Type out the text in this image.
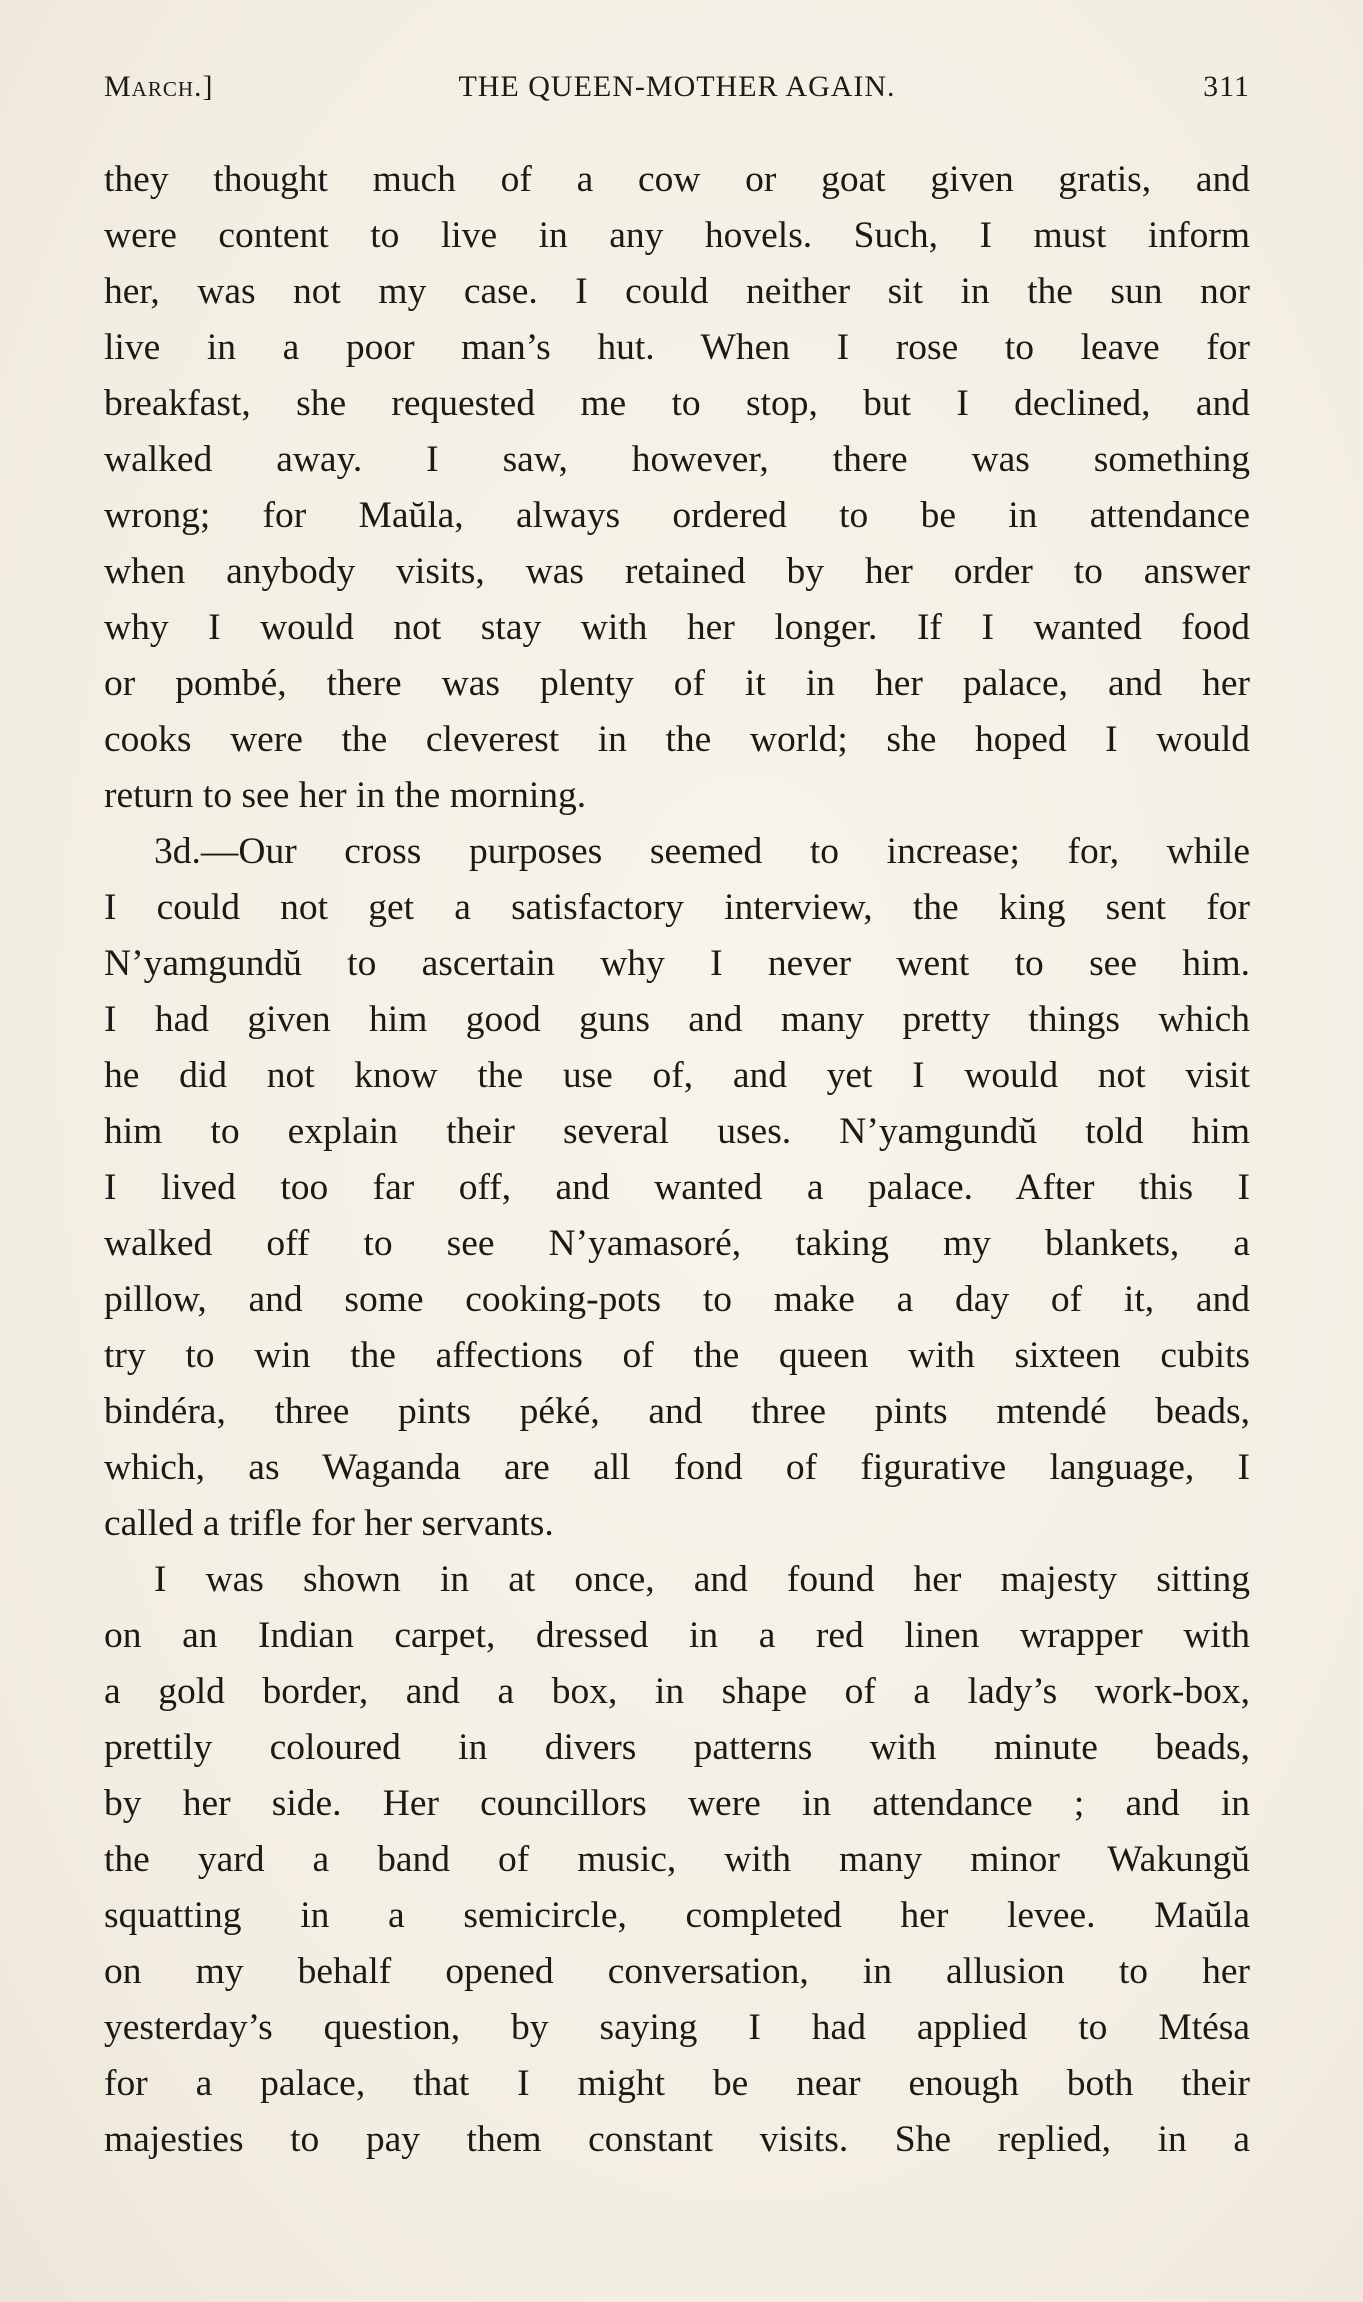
March.]	THE QUEEN-MOTHER AGAIN.	311
they thought much of a cow or goat given gratis, and
were content to live in any hovels. Such, I must inform
her, was not my case. I could neither sit in the sun nor
live in a poor man’s hut. When I rose to leave for
breakfast, she requested me to stop, but I declined, and
walked away. I saw, however, there was something
wrong; for Maŭla, always ordered to be in attendance
when anybody visits, was retained by her order to answer
why I would not stay with her longer. If I wanted food
or pombé, there was plenty of it in her palace, and her
cooks were the cleverest in the world; she hoped I would
return to see her in the morning.
3d.—Our cross purposes seemed to increase; for, while
I could not get a satisfactory interview, the king sent for
N’yamgundŭ to ascertain why I never went to see him.
I had given him good guns and many pretty things which
he did not know the use of, and yet I would not visit
him to explain their several uses. N’yamgundŭ told him
I lived too far off, and wanted a palace. After this I
walked off to see N’yamasoré, taking my blankets, a
pillow, and some cooking-pots to make a day of it, and
try to win the affections of the queen with sixteen cubits
bindéra, three pints péké, and three pints mtendé beads,
which, as Waganda are all fond of figurative language, I
called a trifle for her servants.
I was shown in at once, and found her majesty sitting
on an Indian carpet, dressed in a red linen wrapper with
a gold border, and a box, in shape of a lady’s work-box,
prettily coloured in divers patterns with minute beads,
by her side. Her councillors were in attendance ; and in
the yard a band of music, with many minor Wakungŭ
squatting in a semicircle, completed her levee. Maŭla
on my behalf opened conversation, in allusion to her
yesterday’s question, by saying I had applied to Mtésa
for a palace, that I might be near enough both their
majesties to pay them constant visits. She replied, in a
